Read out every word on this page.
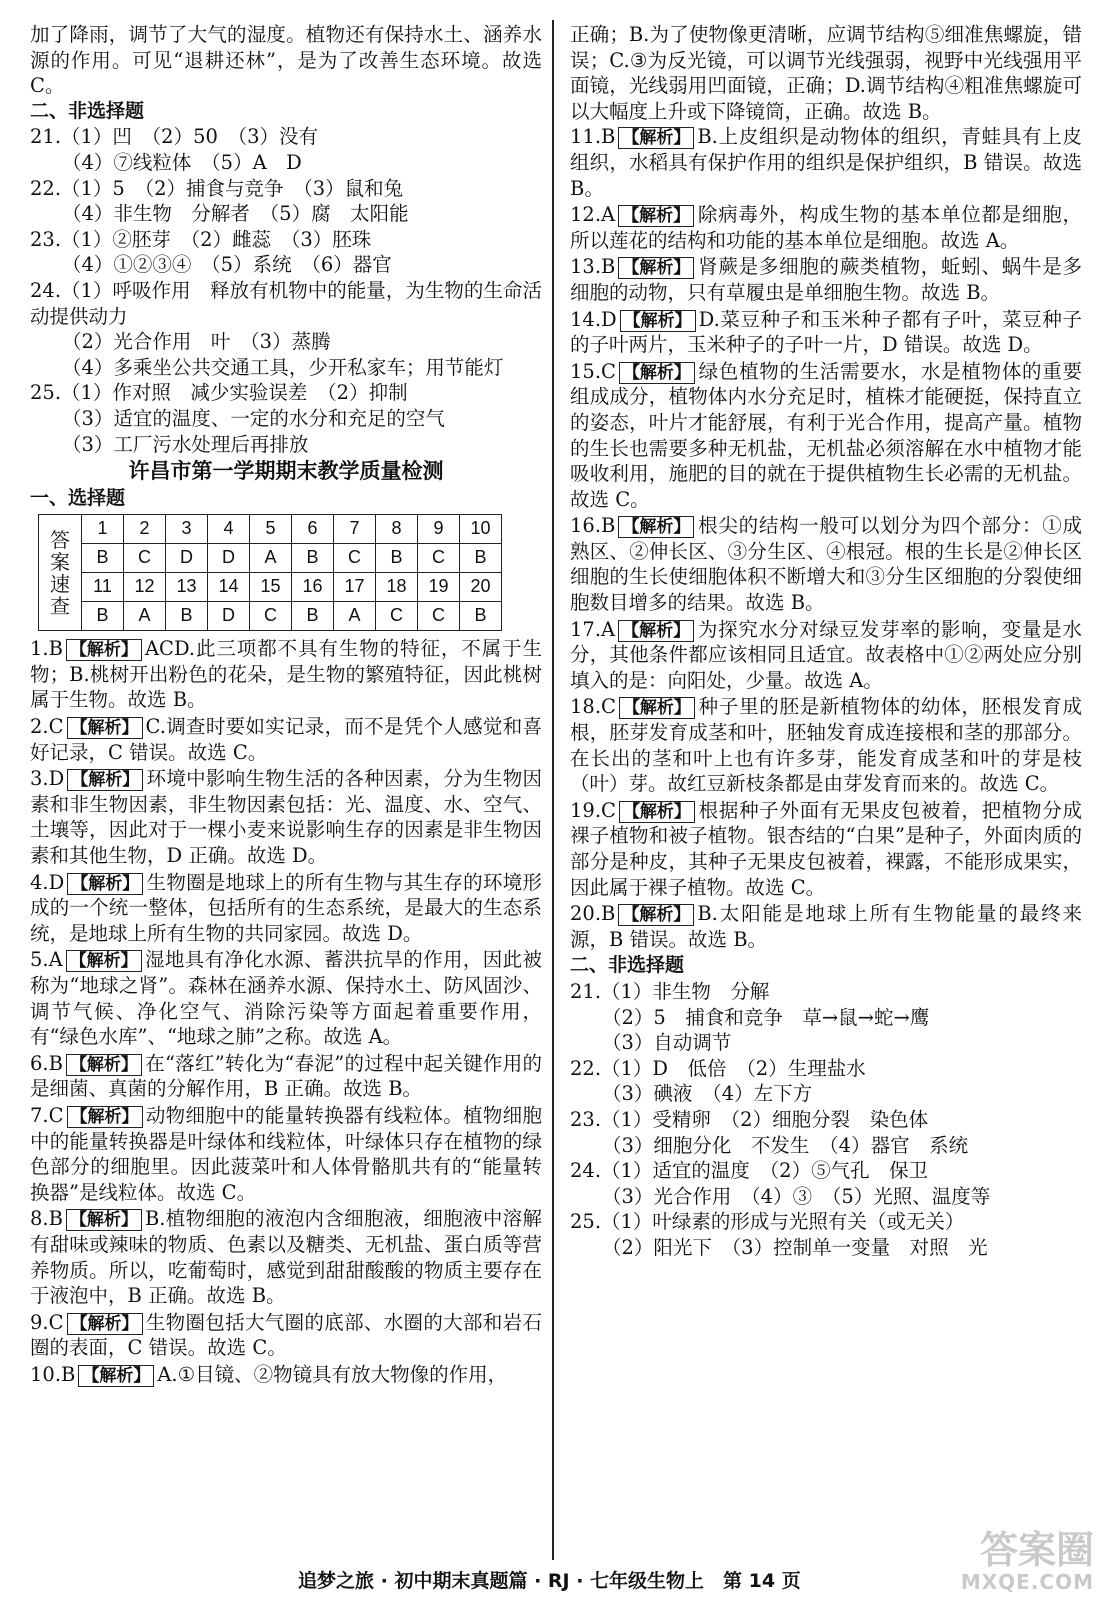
加了降雨，调节了大气的湿度。植物还有保持水土、涵养水源的作用。可见“退耕还林”，是为了改善生态环境。故选 C。

二、非选择题

21.（1）凹　（2）50　（3）没有

（4）⑦线粒体　（5）A　D

22.（1）5　（2）捕食与竞争　（3）鼠和兔

（4）非生物　分解者　（5）腐　太阳能

23.（1）②胚芽　（2）雌蕊　（3）胚珠

（4）①②③④　（5）系统　（6）器官

24.（1）呼吸作用　释放有机物中的能量，为生物的生命活动提供动力

（2）光合作用　叶　（3）蒸腾

（4）多乘坐公共交通工具，少开私家车；用节能灯

25.（1）作对照　减少实验误差　（2）抑制

（3）适宜的温度、一定的水分和充足的空气

（3）工厂污水处理后再排放

许昌市第一学期期末教学质量检测
一、选择题
答
案
速
查	1	2	3	4	5	6	7	8	9	10
	B	C	D	D	A	B	C	B	C	B
	11	12	13	14	15	16	17	18	19	20
	B	A	B	D	C	B	A	C	C	B

1.B 【解析】 ACD.此三项都不具有生物的特征，不属于生物；B.桃树开出粉色的花朵，是生物的繁殖特征，因此桃树属于生物。故选 B。

2.C 【解析】 C.调查时要如实记录，而不是凭个人感觉和喜好记录，C 错误。故选 C。

3.D 【解析】 环境中影响生物生活的各种因素，分为生物因素和非生物因素，非生物因素包括：光、温度、水、空气、土壤等，因此对于一棵小麦来说影响生存的因素是非生物因素和其他生物，D 正确。故选 D。

4.D 【解析】 生物圈是地球上的所有生物与其生存的环境形成的一个统一整体，包括所有的生态系统，是最大的生态系统，是地球上所有生物的共同家园。故选 D。

5.A 【解析】 湿地具有净化水源、蓄洪抗旱的作用，因此被称为“地球之肾”。森林在涵养水源、保持水土、防风固沙、调节气候、净化空气、消除污染等方面起着重要作用，有“绿色水库”、“地球之肺”之称。故选 A。

6.B 【解析】 在“落红”转化为“春泥”的过程中起关键作用的是细菌、真菌的分解作用，B 正确。故选 B。

7.C 【解析】 动物细胞中的能量转换器有线粒体。植物细胞中的能量转换器是叶绿体和线粒体，叶绿体只存在植物的绿色部分的细胞里。因此菠菜叶和人体骨骼肌共有的“能量转换器”是线粒体。故选 C。

8.B 【解析】 B.植物细胞的液泡内含细胞液，细胞液中溶解有甜味或辣味的物质、色素以及糖类、无机盐、蛋白质等营养物质。所以，吃葡萄时，感觉到甜甜酸酸的物质主要存在于液泡中，B 正确。故选 B。

9.C 【解析】 生物圈包括大气圈的底部、水圈的大部和岩石圈的表面，C 错误。故选 C。

10.B 【解析】 A.①目镜、②物镜具有放大物像的作用，

正确；B.为了使物像更清晰，应调节结构⑤细准焦螺旋，错误；C.③为反光镜，可以调节光线强弱，视野中光线强用平面镜，光线弱用凹面镜，正确；D.调节结构④粗准焦螺旋可以大幅度上升或下降镜筒，正确。故选 B。

11.B 【解析】 B.上皮组织是动物体的组织，青蛙具有上皮组织，水稻具有保护作用的组织是保护组织，B 错误。故选 B。

12.A 【解析】 除病毒外，构成生物的基本单位都是细胞，所以莲花的结构和功能的基本单位是细胞。故选 A。

13.B 【解析】 肾蕨是多细胞的蕨类植物，蚯蚓、蜗牛是多细胞的动物，只有草履虫是单细胞生物。故选 B。

14.D 【解析】 D.菜豆种子和玉米种子都有子叶，菜豆种子的子叶两片，玉米种子的子叶一片，D 错误。故选 D。

15.C 【解析】 绿色植物的生活需要水，水是植物体的重要组成成分，植物体内水分充足时，植株才能硬挺，保持直立的姿态，叶片才能舒展，有利于光合作用，提高产量。植物的生长也需要多种无机盐，无机盐必须溶解在水中植物才能吸收利用，施肥的目的就在于提供植物生长必需的无机盐。故选 C。

16.B 【解析】 根尖的结构一般可以划分为四个部分：①成熟区、②伸长区、③分生区、④根冠。根的生长是②伸长区细胞的生长使细胞体积不断增大和③分生区细胞的分裂使细胞数目增多的结果。故选 B。

17.A 【解析】 为探究水分对绿豆发芽率的影响，变量是水分，其他条件都应该相同且适宜。故表格中①②两处应分别填入的是：向阳处，少量。故选 A。

18.C 【解析】 种子里的胚是新植物体的幼体，胚根发育成根，胚芽发育成茎和叶，胚轴发育成连接根和茎的那部分。在长出的茎和叶上也有许多芽，能发育成茎和叶的芽是枝（叶）芽。故红豆新枝条都是由芽发育而来的。故选 C。

19.C 【解析】 根据种子外面有无果皮包被着，把植物分成裸子植物和被子植物。银杏结的“白果”是种子，外面肉质的部分是种皮，其种子无果皮包被着，裸露，不能形成果实，因此属于裸子植物。故选 C。

20.B 【解析】 B.太阳能是地球上所有生物能量的最终来源，B 错误。故选 B。

二、非选择题

21.（1）非生物　分解

（2）5　捕食和竞争　草→鼠→蛇→鹰

（3）自动调节

22.（1）D　低倍　（2）生理盐水

（3）碘液　（4）左下方

23.（1）受精卵　（2）细胞分裂　染色体

（3）细胞分化　不发生　（4）器官　系统

24.（1）适宜的温度　（2）⑤气孔　保卫

（3）光合作用　（4）③　（5）光照、温度等

25.（1）叶绿素的形成与光照有关（或无关）

（2）阳光下　（3）控制单一变量　对照　光

追梦之旅 · 初中期末真题篇 · RJ · 七年级生物上　第 14 页
答案圈
MXQE.COM
